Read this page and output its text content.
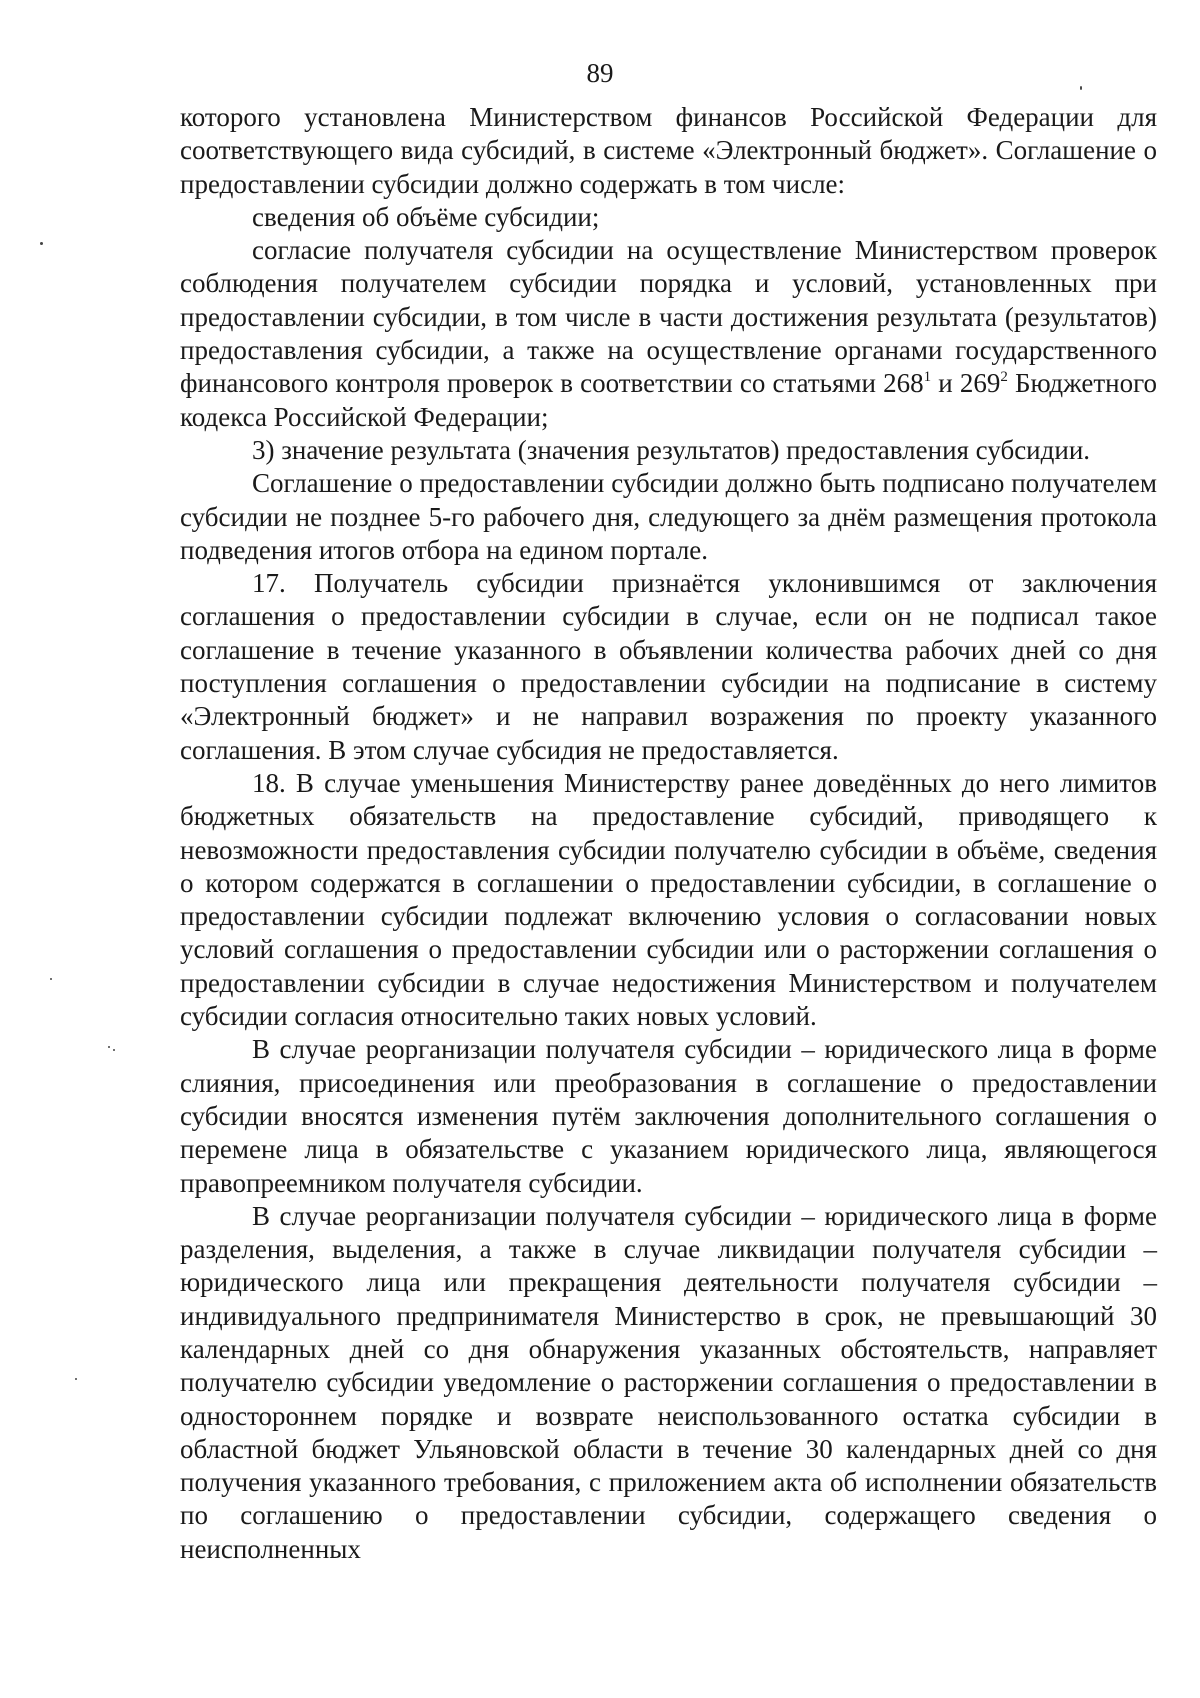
89

которого установлена Министерством финансов Российской Федерации для соответствующего вида субсидий, в системе «Электронный бюджет». Соглашение о предоставлении субсидии должно содержать в том числе:

сведения об объёме субсидии;

согласие получателя субсидии на осуществление Министерством проверок соблюдения получателем субсидии порядка и условий, установленных при предоставлении субсидии, в том числе в части достижения результата (результатов) предоставления субсидии, а также на осуществление органами государственного финансового контроля проверок в соответствии со статьями $268^1$ и $269^2$ Бюджетного кодекса Российской Федерации;

3) значение результата (значения результатов) предоставления субсидии.

Соглашение о предоставлении субсидии должно быть подписано получателем субсидии не позднее 5-го рабочего дня, следующего за днём размещения протокола подведения итогов отбора на едином портале.

17. Получатель субсидии признаётся уклонившимся от заключения соглашения о предоставлении субсидии в случае, если он не подписал такое соглашение в течение указанного в объявлении количества рабочих дней со дня поступления соглашения о предоставлении субсидии на подписание в систему «Электронный бюджет» и не направил возражения по проекту указанного соглашения. В этом случае субсидия не предоставляется.

18. В случае уменьшения Министерству ранее доведённых до него лимитов бюджетных обязательств на предоставление субсидий, приводящего к невозможности предоставления субсидии получателю субсидии в объёме, сведения о котором содержатся в соглашении о предоставлении субсидии, в соглашение о предоставлении субсидии подлежат включению условия о согласовании новых условий соглашения о предоставлении субсидии или о расторжении соглашения о предоставлении субсидии в случае недостижения Министерством и получателем субсидии согласия относительно таких новых условий.

В случае реорганизации получателя субсидии – юридического лица в форме слияния, присоединения или преобразования в соглашение о предоставлении субсидии вносятся изменения путём заключения дополнительного соглашения о перемене лица в обязательстве с указанием юридического лица, являющегося правопреемником получателя субсидии.

В случае реорганизации получателя субсидии – юридического лица в форме разделения, выделения, а также в случае ликвидации получателя субсидии – юридического лица или прекращения деятельности получателя субсидии – индивидуального предпринимателя Министерство в срок, не превышающий 30 календарных дней со дня обнаружения указанных обстоятельств, направляет получателю субсидии уведомление о расторжении соглашения о предоставлении в одностороннем порядке и возврате неиспользованного остатка субсидии в областной бюджет Ульяновской области в течение 30 календарных дней со дня получения указанного требования, с приложением акта об исполнении обязательств по соглашению о предоставлении субсидии, содержащего сведения о неисполненных
